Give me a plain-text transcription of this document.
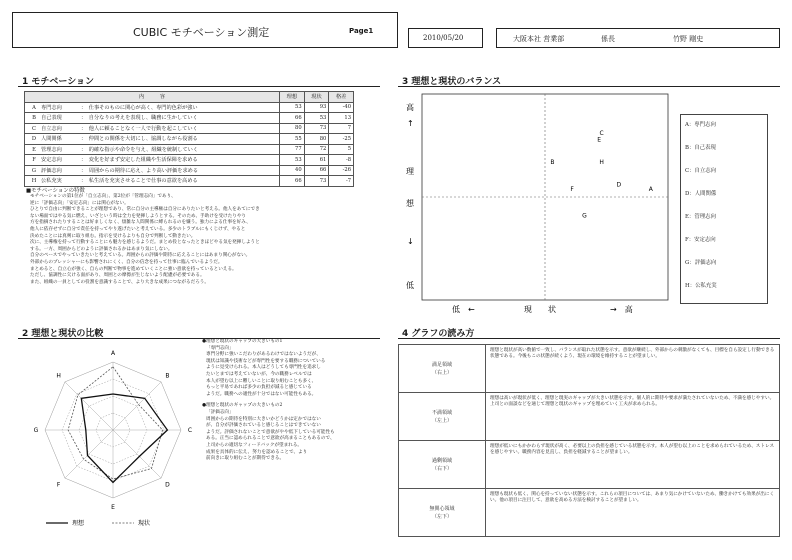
CUBIC モチベーション測定	Page1
2010/05/20	大阪本社 営業部	係長	竹野 剛史
1 モチベーション
内　　　容	理想	現状	格差
A 専門志向 ：　仕事そのものに関心が高く、専門的色彩が強い	53	93	-40
B 自己表現 ：　自分なりの考えを表現し、職務に生かしていく	66	53	13
C 自立志向 ：　他人に頼ることなく一人で行動を起こしていく	80	73	7
D 人間関係 ：　仲間との関係を大切にし、協調しながら役割る	55	80	-25
E 管理志向 ：　的確な指示や命令を与え、組織を統制していく	77	72	5
F 安定志向 ：　変化を好まず安定した組織や生活保障を求める	53	61	-8
G 評価志向 ：　周囲からの期待に応え、より高い評価を求める	40	66	-26
H 公私充実 ：　私生活を充実させることで仕事の意欲を高める	66	73	-7
■モチベーションの特徴
モチベーションの第1位が「自立志向」、第2位が「管理志向」であり、
逆に「評価志向」「安定志向」には関心がない。
ひとりで自由に判断できることが理想であり、常に自分の主導権は自分にありたいと考える。他人をあてにでき
ない場面ではやる気に燃え、いざという時は全力を発揮しようとする。そのため、手助けを受けたりやり
方を指摘されたりすることは好ましくなく、煩雑な人間関係に縛られるのを嫌う。独力による仕事を好み、
他人に依存せずに自分で責任を持ってやり遂げたいと考えている。多少のトラブルにもくじけず、やると
決めたことには真剣に取り組む。指示を受けるよりも自分で判断して動きたい。
次に、主導権を持って行動することにも魅力を感じるようだ。まとめ役となったときほどやる気を発揮しようと
する。一方、周囲からどのように評価されるかはあまり気にしない。
自分のペースでやっていきたいと考えている。周囲からの評価や期待に応えることにはあまり関心がない。
外部からのプレッシャーにも影響されにくく、自分の信念を持って仕事に臨んでいるようだ。
まとめると、自立心が強く、自らの判断で物事を進めていくことに強い意欲を持っているといえる。
ただし、協調性に欠ける面があり、周囲との摩擦が生じないよう配慮が必要である。
また、組織の一員としての役割を意識することで、より大きな成果につながるだろう。
2 理想と現状の比較
A
B
C
D
E
F
G
H
理想	現状
●理想と現状のギャップの大きいもの1
「専門志向」
専門分野に強いこだわりがあるわけではないようだが、
現状は知識や技術などが専門性を要する職務についている
ように見受けられる。本人はどうしても専門性を追求し
たいとまでは考えていないが、今の職務レベルでは
本人が望む以上に難しいことに取り組むことも多く、
もっと平易であれば多少の負担が減ると感じている
ようだ。職務への適性が十分ではない可能性もある。
●理想と現状のギャップの大きいもの2
「評価志向」
周囲からの期待を特別に大きいかどうかは定かではない
が、自分が評価されていると感じることはできていない
ようだ。評価されないことで意欲がやや低下している可能性も
ある。正当に認められることで意欲が高まることもあるので、
上司からの適切なフィードバックが望まれる。
成果を具体的に伝え、努力を認めることで、より
前向きに取り組むことが期待できる。
3 理想と現状のバランス
A
B
C
D
E
F
G
H
高
↑
理
想
↓
低
低　←	現　　状	→　高
A：専門志向
B：自己表現
C：自立志向
D：人間関係
E：管理志向
F：安定志向
G：評価志向
H：公私充実
4 グラフの読み方
満足領域
（右上）	理想と現状が高い数値で一致し、バランスが取れた状態を示す。意欲が継続し、外部からの刺激がなくても、目標を自ら設定し行動できる状態である。今後もこの状態が続くよう、現在の環境を維持することが望ましい。

不満領域
（左上）	理想は高いが現状が低く、理想と現実のギャップが大きい状態を示す。個人的に期待や要求が満たされていないため、不満を感じやすい。上司との面談などを通じて理想と現状のギャップを埋めていく工夫が求められる。

過剰領域
（右下）	理想が低いにもかかわらず現状が高く、必要以上の負担を感じている状態を示す。本人が望む以上のことを求められているため、ストレスを感じやすい。職務内容を見直し、負担を軽減することが望ましい。

無関心領域
（左下）	理想も現状も低く、関心を持っていない状態を示す。これらの項目については、あまり気にかけていないため、働きかけても効果が出にくい。他の項目に注目して、意欲を高める方法を検討することが望ましい。
